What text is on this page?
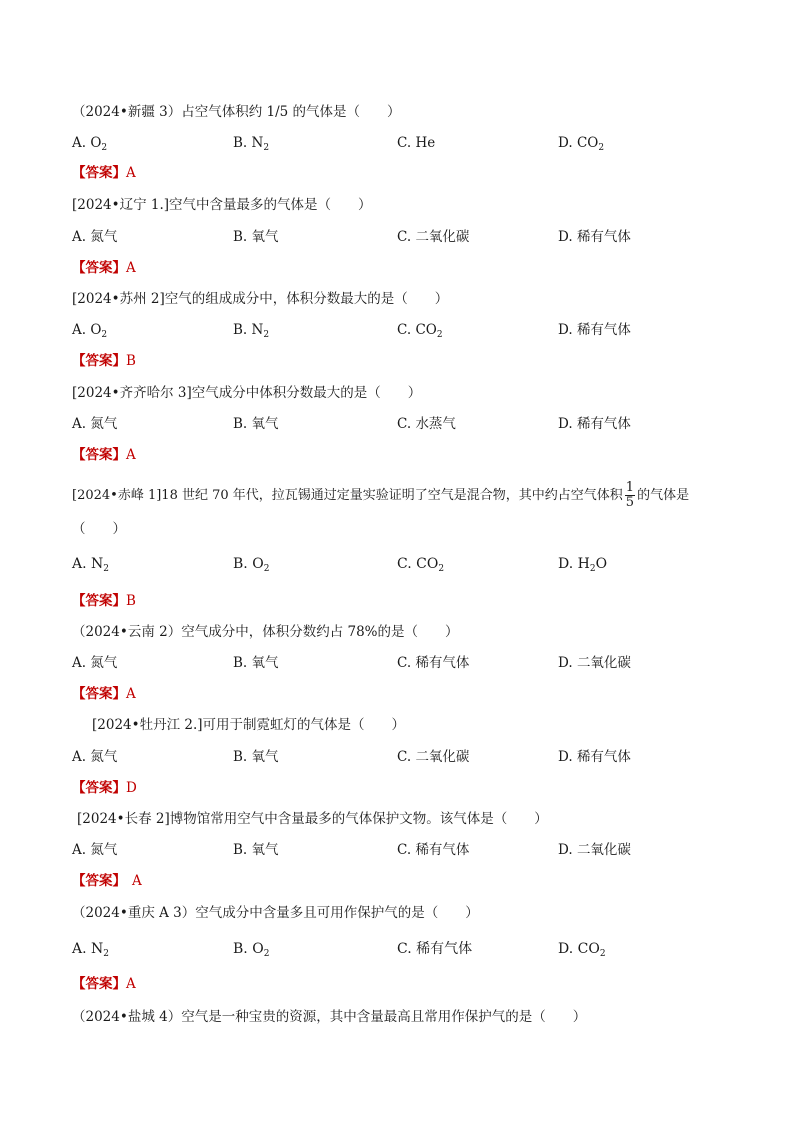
（2024•新疆 3）占空气体积约 1/5 的气体是（　　）
A. $O_2$	B. $N_2$	C. He	D. $CO_2$
【答案】A
[2024•辽宁 1.]空气中含量最多的气体是（　　）
A. 氮气	B. 氧气	C. 二氧化碳	D. 稀有气体
【答案】A
[2024•苏州 2]空气的组成成分中，体积分数最大的是（　　）
A. $O_2$	B. $N_2$	C. $CO_2$	D. 稀有气体
【答案】B
[2024•齐齐哈尔 3]空气成分中体积分数最大的是（　　）
A. 氮气	B. 氧气	C. 水蒸气	D. 稀有气体
【答案】A
[2024•赤峰 1]18 世纪 70 年代，拉瓦锡通过定量实验证明了空气是混合物，其中约占空气体积 $\frac{1}{5}$ 的气体是
（　　）
A. $N_2$	B. $O_2$	C. $CO_2$	D. $H_2O$
【答案】B
（2024•云南 2）空气成分中，体积分数约占 78%的是（　　）
A. 氮气	B. 氧气	C. 稀有气体	D. 二氧化碳
【答案】A
[2024•牡丹江 2.]可用于制霓虹灯的气体是（　　）
A. 氮气	B. 氧气	C. 二氧化碳	D. 稀有气体
【答案】D
[2024•长春 2]博物馆常用空气中含量最多的气体保护文物。该气体是（　　）
A. 氮气	B. 氧气	C. 稀有气体	D. 二氧化碳
【答案】 A
（2024•重庆 A 3）空气成分中含量多且可用作保护气的是（　　）
A. $N_2$	B. $O_2$	C. 稀有气体	D. $CO_2$
【答案】A
（2024•盐城 4）空气是一种宝贵的资源，其中含量最高且常用作保护气的是（　　）
